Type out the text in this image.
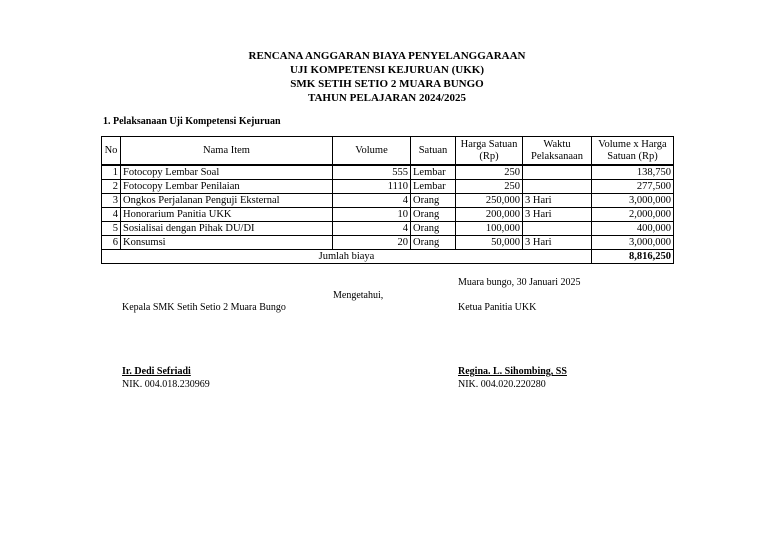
RENCANA ANGGARAN BIAYA PENYELANGGARAAN
UJI KOMPETENSI KEJURUAN (UKK)
SMK SETIH SETIO 2 MUARA BUNGO
TAHUN PELAJARAN 2024/2025
1. Pelaksanaan Uji Kompetensi Kejuruan
No	Nama Item	Volume	Satuan	Harga Satuan (Rp)	Waktu Pelaksanaan	Volume x Harga Satuan (Rp)
1	Fotocopy Lembar Soal	555	Lembar	250		138,750
2	Fotocopy Lembar Penilaian	1110	Lembar	250		277,500
3	Ongkos Perjalanan Penguji Eksternal	4	Orang	250,000	3 Hari	3,000,000
4	Honorarium Panitia UKK	10	Orang	200,000	3 Hari	2,000,000
5	Sosialisai dengan Pihak DU/DI	4	Orang	100,000		400,000
6	Konsumsi	20	Orang	50,000	3 Hari	3,000,000
Jumlah biaya						8,816,250
Muara bungo, 30 Januari 2025
Mengetahui,
Kepala SMK Setih Setio 2 Muara Bungo	Ketua Panitia UKK
Ir. Dedi Sefriadi
NIK. 004.018.230969
Regina. L. Sihombing, SS
NIK. 004.020.220280
